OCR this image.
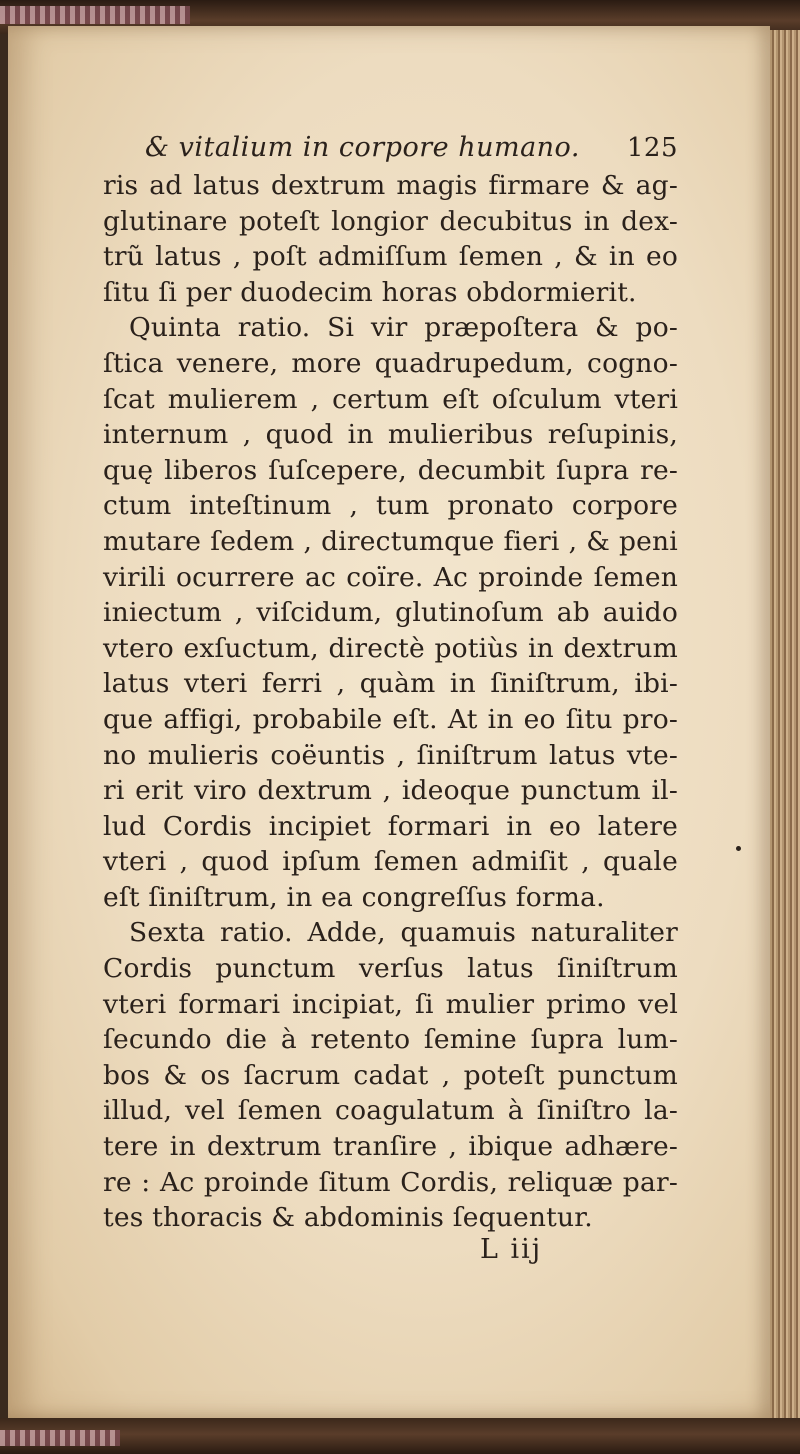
& vitalium in corpore humano. 125
ris ad latus dextrum magis firmare & ag-
glutinare poteſt longior decubitus in dex-
trũ latus , poſt admiſſum ſemen , & in eo
ſitu ſi per duodecim horas obdormierit.
Quinta ratio. Si vir præpoſtera & po-
ſtica venere, more quadrupedum, cogno-
ſcat mulierem , certum eſt oſculum vteri
internum , quod in mulieribus reſupinis,
quę liberos ſuſcepere, decumbit ſupra re-
ctum inteſtinum , tum pronato corpore
mutare ſedem , directumque fieri , & peni
virili ocurrere ac coïre. Ac proinde ſemen
iniectum , viſcidum, glutinoſum ab auido
vtero exſuctum, directè potiùs in dextrum
latus vteri ferri , quàm in ſiniſtrum, ibi-
que affigi, probabile eſt. At in eo ſitu pro-
no mulieris coëuntis , ſiniſtrum latus vte-
ri erit viro dextrum , ideoque punctum il-
lud Cordis incipiet formari in eo latere
vteri , quod ipſum ſemen admiſit , quale
eſt ſiniſtrum, in ea congreſſus forma.
Sexta ratio. Adde, quamuis naturaliter
Cordis punctum verſus latus ſiniſtrum
vteri formari incipiat, ſi mulier primo vel
ſecundo die à retento ſemine ſupra lum-
bos & os ſacrum cadat , poteſt punctum
illud, vel ſemen coagulatum à ſiniſtro la-
tere in dextrum tranſire , ibique adhære-
re : Ac proinde ſitum Cordis, reliquæ par-
tes thoracis & abdominis ſequentur.
L iij
